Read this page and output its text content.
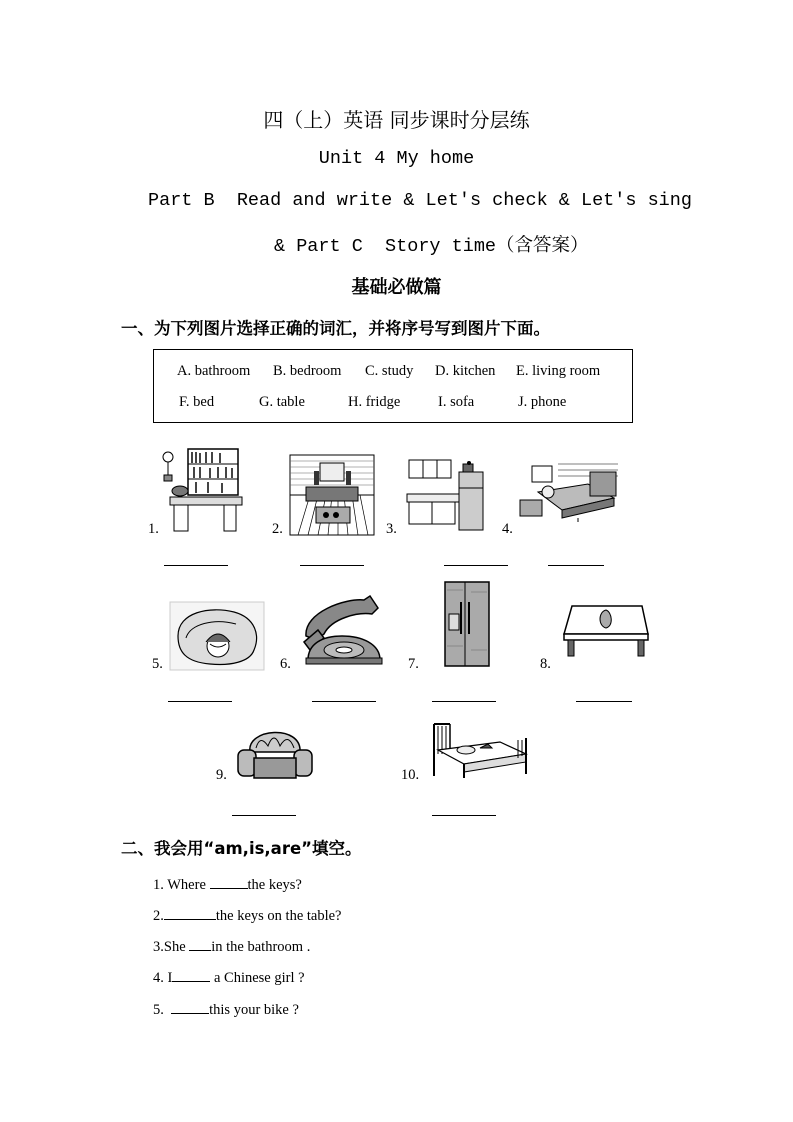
四（上）英语 同步课时分层练
Unit 4 My home
Part B  Read and write & Let's check & Let's sing
& Part C  Story time（含答案）
基础必做篇
一、为下列图片选择正确的词汇，并将序号写到图片下面。
A. bathroom B. bedroom C. study D. kitchen E. living room
F. bed	G. table	H. fridge	I. sofa	J. phone
1.	2.	3.	4.
5.	6.	7.	8.
9.	10.
二、我会用“am,is,are”填空。
1. Where	the keys?
2.	the keys on the table?
3.She in the bathroom .
4. I	a Chinese girl ?
5.	this your bike ?
